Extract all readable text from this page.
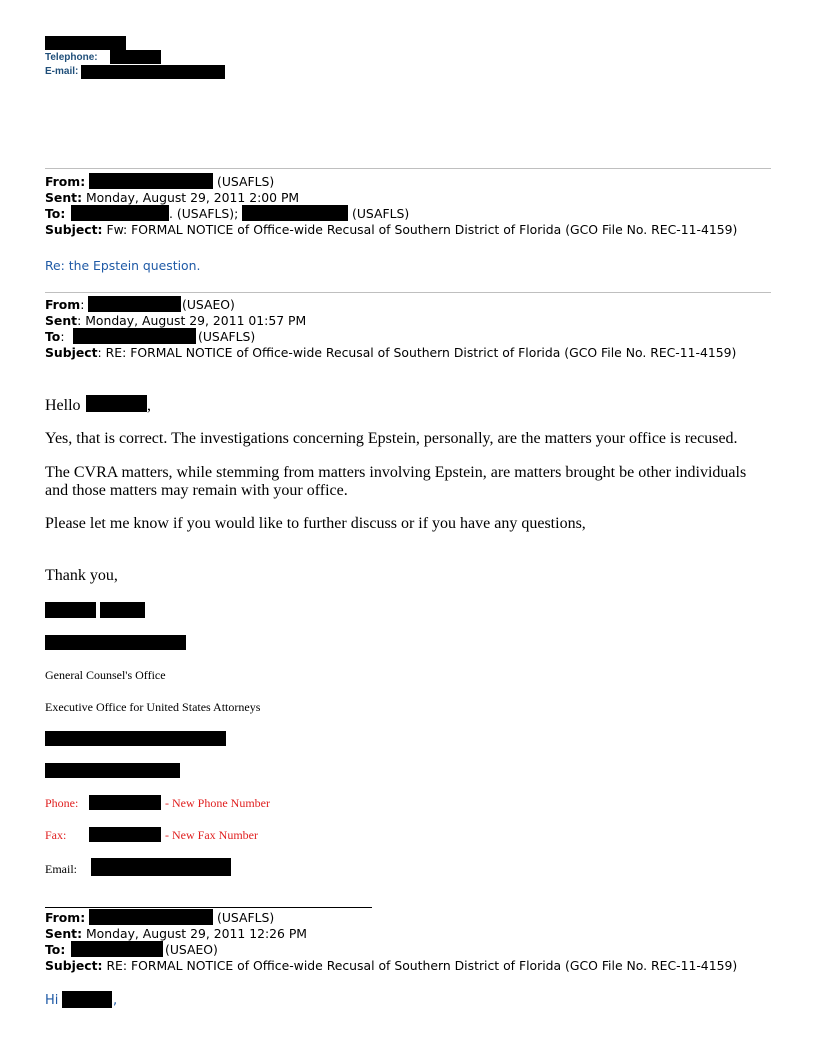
Telephone:
E-mail:
From:	(USAFLS)
Sent: Monday, August 29, 2011 2:00 PM
To:	. (USAFLS);	(USAFLS)
Subject: Fw: FORMAL NOTICE of Office-wide Recusal of Southern District of Florida (GCO File No. REC-11-4159)
Re: the Epstein question.
From:	(USAEO)
Sent: Monday, August 29, 2011 01:57 PM
To:	(USAFLS)
Subject: RE: FORMAL NOTICE of Office-wide Recusal of Southern District of Florida (GCO File No. REC-11-4159)
Hello	,
Yes, that is correct. The investigations concerning Epstein, personally, are the matters your office is recused.
The CVRA matters, while stemming from matters involving Epstein, are matters brought be other individuals
and those matters may remain with your office.
Please let me know if you would like to further discuss or if you have any questions,
Thank you,
General Counsel's Office
Executive Office for United States Attorneys
Phone:	- New Phone Number
Fax:	- New Fax Number
Email:
From:	(USAFLS)
Sent: Monday, August 29, 2011 12:26 PM
To:	(USAEO)
Subject: RE: FORMAL NOTICE of Office-wide Recusal of Southern District of Florida (GCO File No. REC-11-4159)
Hi	,
